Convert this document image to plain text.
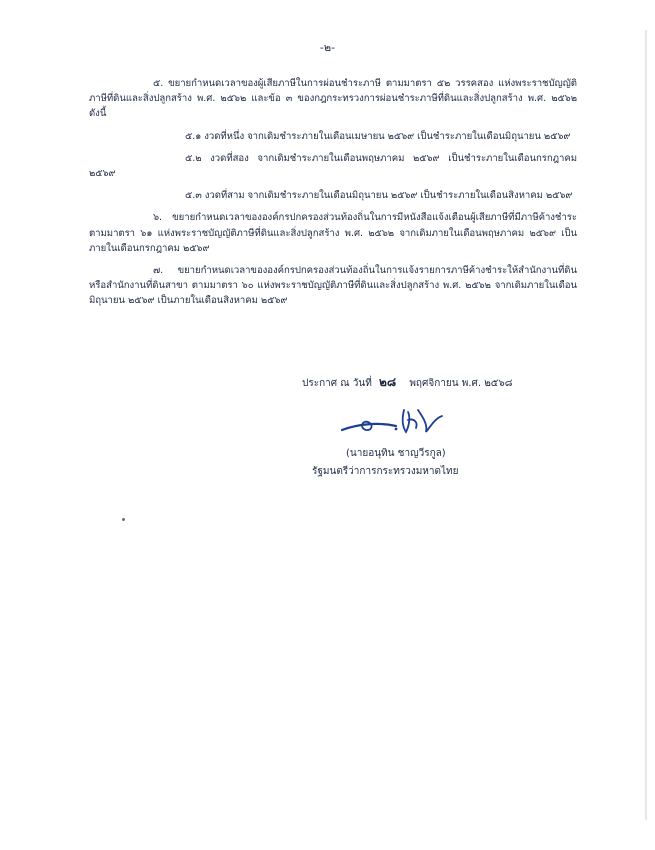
-๒-

๕. ขยายกำหนดเวลาของผู้เสียภาษีในการผ่อนชำระภาษี ตามมาตรา ๕๒ วรรคสอง แห่งพระราชบัญญัติภาษีที่ดินและสิ่งปลูกสร้าง พ.ศ. ๒๕๖๒ และข้อ ๓ ของกฎกระทรวงการผ่อนชำระภาษีที่ดินและสิ่งปลูกสร้าง พ.ศ. ๒๕๖๒ ดังนี้

๕.๑ งวดที่หนึ่ง จากเดิมชำระภายในเดือนเมษายน ๒๕๖๙ เป็นชำระภายในเดือนมิถุนายน ๒๕๖๙

๕.๒ งวดที่สอง จากเดิมชำระภายในเดือนพฤษภาคม ๒๕๖๙ เป็นชำระภายในเดือนกรกฎาคม ๒๕๖๙

๕.๓ งวดที่สาม จากเดิมชำระภายในเดือนมิถุนายน ๒๕๖๙ เป็นชำระภายในเดือนสิงหาคม ๒๕๖๙

๖. ขยายกำหนดเวลาขององค์กรปกครองส่วนท้องถิ่นในการมีหนังสือแจ้งเตือนผู้เสียภาษีที่มีภาษีค้างชำระ ตามมาตรา ๖๑ แห่งพระราชบัญญัติภาษีที่ดินและสิ่งปลูกสร้าง พ.ศ. ๒๕๖๒ จากเดิมภายในเดือนพฤษภาคม ๒๕๖๙ เป็นภายในเดือนกรกฎาคม ๒๕๖๙

๗. ขยายกำหนดเวลาขององค์กรปกครองส่วนท้องถิ่นในการแจ้งรายการภาษีค้างชำระให้สำนักงานที่ดินหรือสำนักงานที่ดินสาขา ตามมาตรา ๖๐ แห่งพระราชบัญญัติภาษีที่ดินและสิ่งปลูกสร้าง พ.ศ. ๒๕๖๒ จากเดิมภายในเดือนมิถุนายน ๒๕๖๙ เป็นภายในเดือนสิงหาคม ๒๕๖๙

ประกาศ ณ วันที่ ๒๘ พฤศจิกายน พ.ศ. ๒๕๖๘
(นายอนุทิน ชาญวีรกูล)
รัฐมนตรีว่าการกระทรวงมหาดไทย
